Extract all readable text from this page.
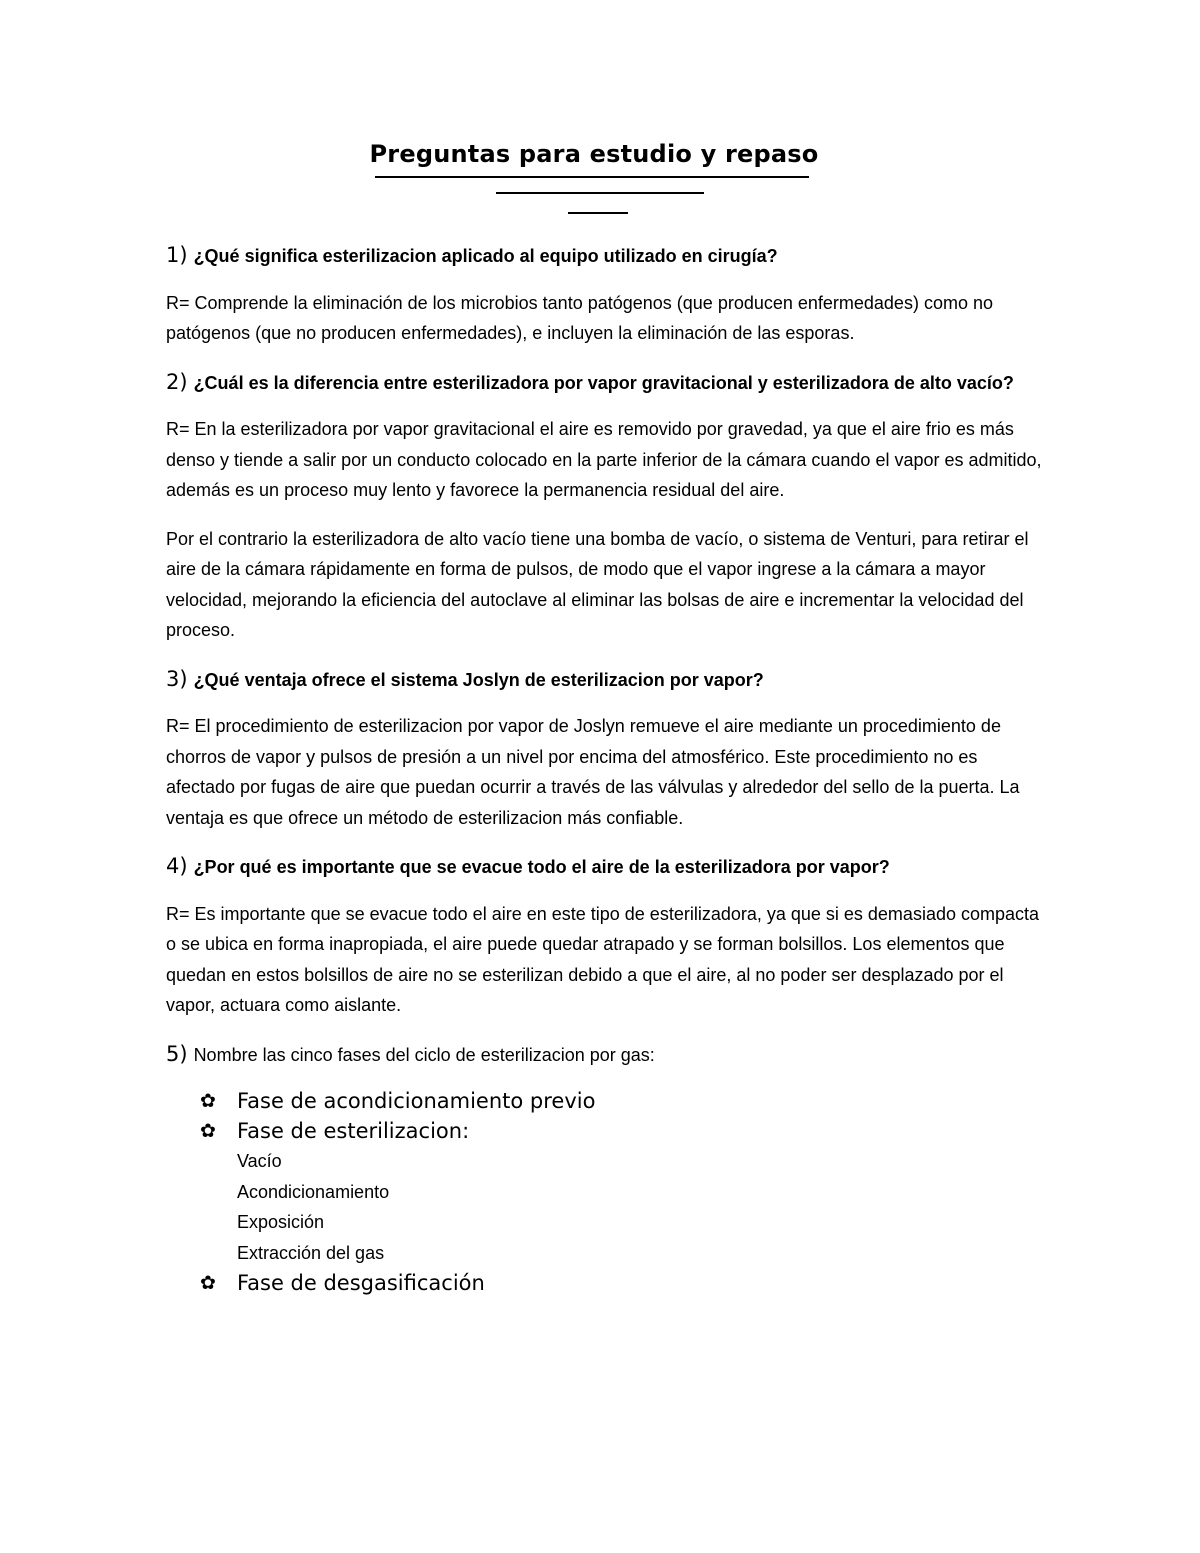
Preguntas para estudio y repaso

1) ¿Qué significa esterilizacion aplicado al equipo utilizado en cirugía?

R= Comprende la eliminación de los microbios tanto patógenos (que producen enfermedades) como no patógenos (que no producen enfermedades), e incluyen la eliminación de las esporas.

2) ¿Cuál es la diferencia entre esterilizadora por vapor gravitacional y esterilizadora de alto vacío?

R= En la esterilizadora por vapor gravitacional el aire es removido por gravedad, ya que el aire frio es más denso y tiende a salir por un conducto colocado en la parte inferior de la cámara cuando el vapor es admitido, además es un proceso muy lento y favorece la permanencia residual del aire.

Por el contrario la esterilizadora de alto vacío tiene una bomba de vacío, o sistema de Venturi, para retirar el aire de la cámara rápidamente en forma de pulsos, de modo que el vapor ingrese a la cámara a mayor velocidad, mejorando la eficiencia del autoclave al eliminar las bolsas de aire e incrementar la velocidad del proceso.

3) ¿Qué ventaja ofrece el sistema Joslyn de esterilizacion por vapor?

R= El procedimiento de esterilizacion por vapor de Joslyn remueve el aire mediante un procedimiento de chorros de vapor y pulsos de presión a un nivel por encima del atmosférico. Este procedimiento no es afectado por fugas de aire que puedan ocurrir a través de las válvulas y alrededor del sello de la puerta. La ventaja es que ofrece un método de esterilizacion más confiable.

4) ¿Por qué es importante que se evacue todo el aire de la esterilizadora por vapor?

R= Es importante que se evacue todo el aire en este tipo de esterilizadora, ya que si es demasiado compacta o se ubica en forma inapropiada, el aire puede quedar atrapado y se forman bolsillos. Los elementos que quedan en estos bolsillos de aire no se esterilizan debido a que el aire, al no poder ser desplazado por el vapor, actuara como aislante.

5) Nombre las cinco fases del ciclo de esterilizacion por gas:

✿ Fase de acondicionamiento previo
✿ Fase de esterilizacion:
Vacío
Acondicionamiento
Exposición
Extracción del gas
✿ Fase de desgasificación
